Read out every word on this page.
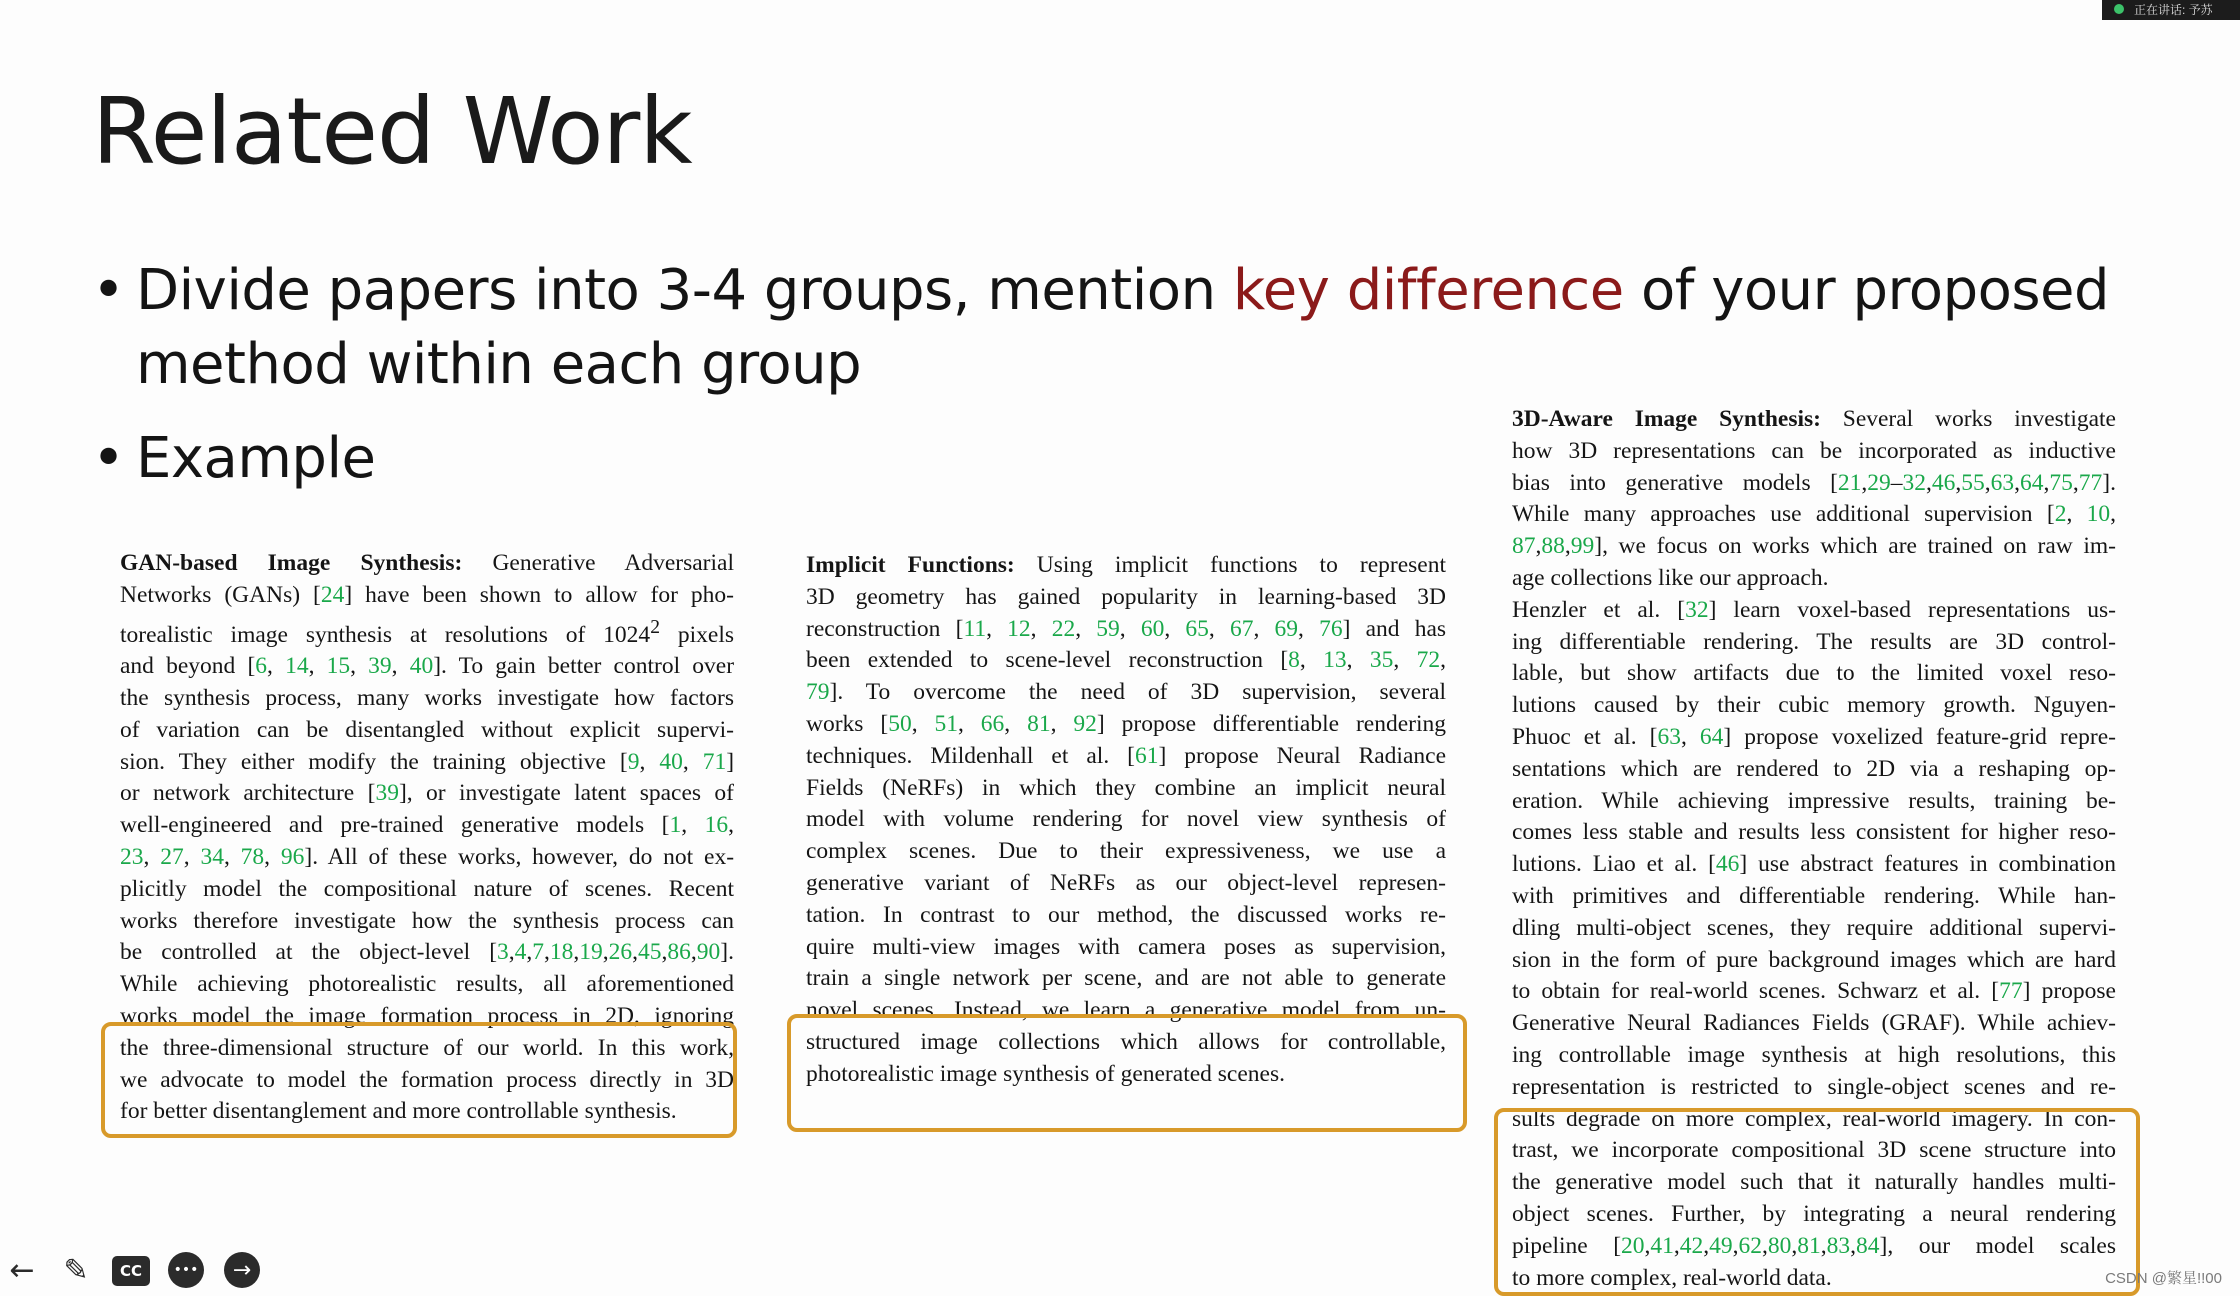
正在讲话: 予苏
Related Work
• Divide papers into 3-4 groups, mention key difference of your proposed
method within each group
• Example
GAN-based Image Synthesis: Generative Adversarial
Networks (GANs) [24] have been shown to allow for pho-
torealistic image synthesis at resolutions of 1024$^2$ pixels
and beyond [6, 14, 15, 39, 40]. To gain better control over
the synthesis process, many works investigate how factors
of variation can be disentangled without explicit supervi-
sion. They either modify the training objective [9, 40, 71]
or network architecture [39], or investigate latent spaces of
well-engineered and pre-trained generative models [1, 16,
23, 27, 34, 78, 96]. All of these works, however, do not ex-
plicitly model the compositional nature of scenes. Recent
works therefore investigate how the synthesis process can
be controlled at the object-level [3,4,7,18,19,26,45,86,90].
While achieving photorealistic results, all aforementioned
works model the image formation process in 2D, ignoring
the three-dimensional structure of our world. In this work,
we advocate to model the formation process directly in 3D
for better disentanglement and more controllable synthesis.
Implicit Functions: Using implicit functions to represent
3D geometry has gained popularity in learning-based 3D
reconstruction [11, 12, 22, 59, 60, 65, 67, 69, 76] and has
been extended to scene-level reconstruction [8, 13, 35, 72,
79]. To overcome the need of 3D supervision, several
works [50, 51, 66, 81, 92] propose differentiable rendering
techniques. Mildenhall et al. [61] propose Neural Radiance
Fields (NeRFs) in which they combine an implicit neural
model with volume rendering for novel view synthesis of
complex scenes. Due to their expressiveness, we use a
generative variant of NeRFs as our object-level represen-
tation. In contrast to our method, the discussed works re-
quire multi-view images with camera poses as supervision,
train a single network per scene, and are not able to generate
novel scenes. Instead, we learn a generative model from un-
structured image collections which allows for controllable,
photorealistic image synthesis of generated scenes.
3D-Aware Image Synthesis: Several works investigate
how 3D representations can be incorporated as inductive
bias into generative models [21,29–32,46,55,63,64,75,77].
While many approaches use additional supervision [2, 10,
87,88,99], we focus on works which are trained on raw im-
age collections like our approach.
Henzler et al. [32] learn voxel-based representations us-
ing differentiable rendering. The results are 3D control-
lable, but show artifacts due to the limited voxel reso-
lutions caused by their cubic memory growth. Nguyen-
Phuoc et al. [63, 64] propose voxelized feature-grid repre-
sentations which are rendered to 2D via a reshaping op-
eration. While achieving impressive results, training be-
comes less stable and results less consistent for higher reso-
lutions. Liao et al. [46] use abstract features in combination
with primitives and differentiable rendering. While han-
dling multi-object scenes, they require additional supervi-
sion in the form of pure background images which are hard
to obtain for real-world scenes. Schwarz et al. [77] propose
Generative Neural Radiances Fields (GRAF). While achiev-
ing controllable image synthesis at high resolutions, this
representation is restricted to single-object scenes and re-
sults degrade on more complex, real-world imagery. In con-
trast, we incorporate compositional 3D scene structure into
the generative model such that it naturally handles multi-
object scenes. Further, by integrating a neural rendering
pipeline [20,41,42,49,62,80,81,83,84], our model scales
to more complex, real-world data.
← ✎	CC	•••	→	CSDN @繁星!!00
